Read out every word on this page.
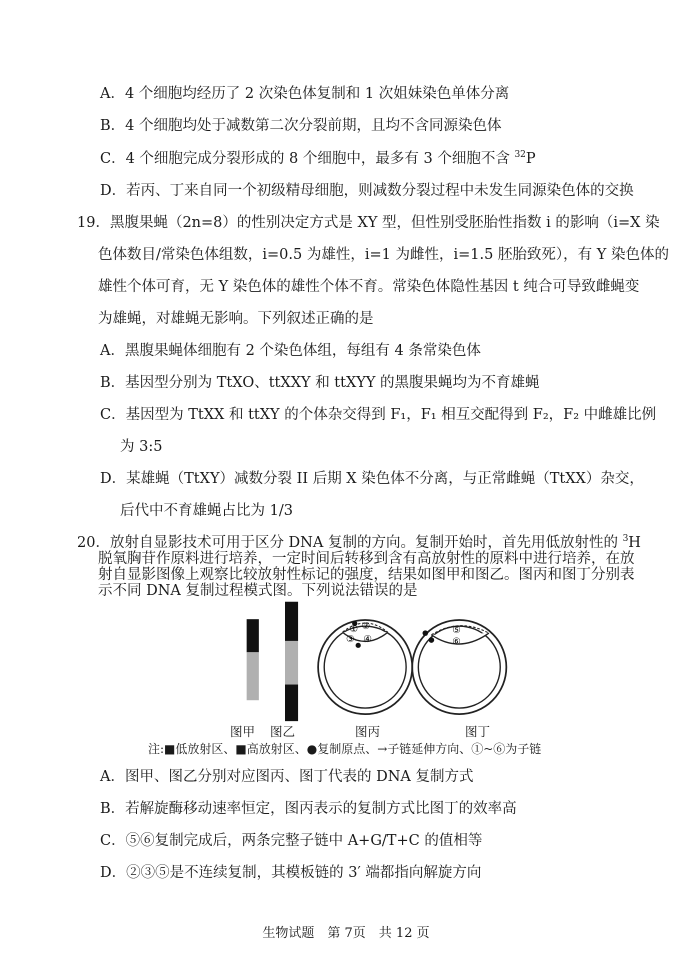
A．4 个细胞均经历了 2 次染色体复制和 1 次姐妹染色单体分离
B．4 个细胞均处于减数第二次分裂前期，且均不含同源染色体
C．4 个细胞完成分裂形成的 8 个细胞中，最多有 3 个细胞不含 $^{32}$P
D．若丙、丁来自同一个初级精母细胞，则减数分裂过程中未发生同源染色体的交换
19．黑腹果蝇（2n=8）的性别决定方式是 XY 型，但性别受胚胎性指数 i 的影响（i=X 染
色体数目/常染色体组数，i=0.5 为雄性，i=1 为雌性，i=1.5 胚胎致死），有 Y 染色体的
雄性个体可育，无 Y 染色体的雄性个体不育。常染色体隐性基因 t 纯合可导致雌蝇变
为雄蝇，对雄蝇无影响。下列叙述正确的是
A．黑腹果蝇体细胞有 2 个染色体组，每组有 4 条常染色体
B．基因型分别为 TtXO、ttXXY 和 ttXYY 的黑腹果蝇均为不育雄蝇
C．基因型为 TtXX 和 ttXY 的个体杂交得到 F₁，F₁ 相互交配得到 F₂，F₂ 中雌雄比例
为 3:5
D．某雄蝇（TtXY）减数分裂 II 后期 X 染色体不分离，与正常雌蝇（TtXX）杂交，
后代中不育雄蝇占比为 1/3
20．放射自显影技术可用于区分 DNA 复制的方向。复制开始时，首先用低放射性的 $^3$H
脱氧胸苷作原料进行培养，一定时间后转移到含有高放射性的原料中进行培养，在放
① ②
③ ④
⑤
⑥
图甲 图乙	图丙	图丁
注:■低放射区、■高放射区、●复制原点、→子链延伸方向、①~⑥为子链
A．图甲、图乙分别对应图丙、图丁代表的 DNA 复制方式
B．若解旋酶移动速率恒定，图丙表示的复制方式比图丁的效率高
C．⑤⑥复制完成后，两条完整子链中 A+G/T+C 的值相等
D．②③⑤是不连续复制，其模板链的 3′ 端都指向解旋方向
生物试题　第 7页　共 12 页
射自显影图像上观察比较放射性标记的强度，结果如图甲和图乙。图丙和图丁分别表
示不同 DNA 复制过程模式图。下列说法错误的是
